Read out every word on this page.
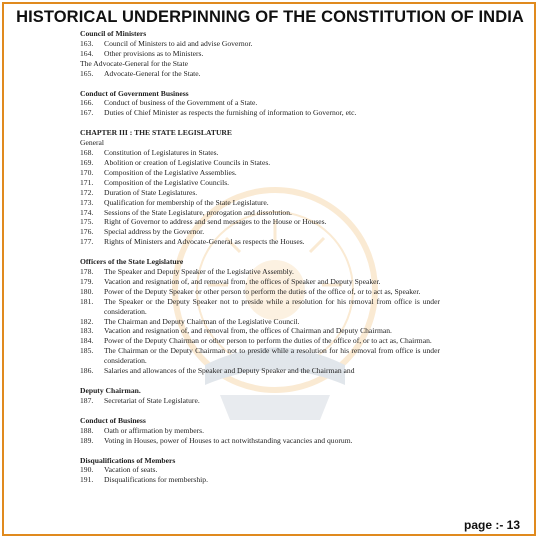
HISTORICAL UNDERPINNING OF THE CONSTITUTION OF INDIA
Council of Ministers
163.	Council of Ministers to aid and advise Governor.
164.	Other provisions as to Ministers.
The Advocate-General for the State
165.	Advocate-General for the State.
Conduct of Government Business
166.	Conduct of business of the Government of a State.
167.	Duties of Chief Minister as respects the furnishing of information to Governor, etc.
CHAPTER III : THE STATE LEGISLATURE
General
168.	Constitution of Legislatures in States.
169.	Abolition or creation of Legislative Councils in States.
170.	Composition of the Legislative Assemblies.
171.	Composition of the Legislative Councils.
172.	Duration of State Legislatures.
173.	Qualification for membership of the State Legislature.
174.	Sessions of the State Legislature, prorogation and dissolution.
175.	Right of Governor to address and send messages to the House or Houses.
176.	Special address by the Governor.
177.	Rights of Ministers and Advocate-General as respects the Houses.
Officers of the State Legislature
178.	The Speaker and Deputy Speaker of the Legislative Assembly.
179.	Vacation and resignation of, and removal from, the offices of Speaker and Deputy Speaker.
180.	Power of the Deputy Speaker or other person to perform the duties of the office of, or to act as, Speaker.
181.	The Speaker or the Deputy Speaker not to preside while a resolution for his removal from office is under consideration.
182.	The Chairman and Deputy Chairman of the Legislative Council.
183.	Vacation and resignation of, and removal from, the offices of Chairman and Deputy Chairman.
184.	Power of the Deputy Chairman or other person to perform the duties of the office of, or to act as, Chairman.
185.	The Chairman or the Deputy Chairman not to preside while a resolution for his removal from office is under consideration.
186.	Salaries and allowances of the Speaker and Deputy Speaker and the Chairman and
Deputy Chairman.
187.	Secretariat of State Legislature.
Conduct of Business
188.	Oath or affirmation by members.
189.	Voting in Houses, power of Houses to act notwithstanding vacancies and quorum.
Disqualifications of Members
190.	Vacation of seats.
191.	Disqualifications for membership.
page :- 13
